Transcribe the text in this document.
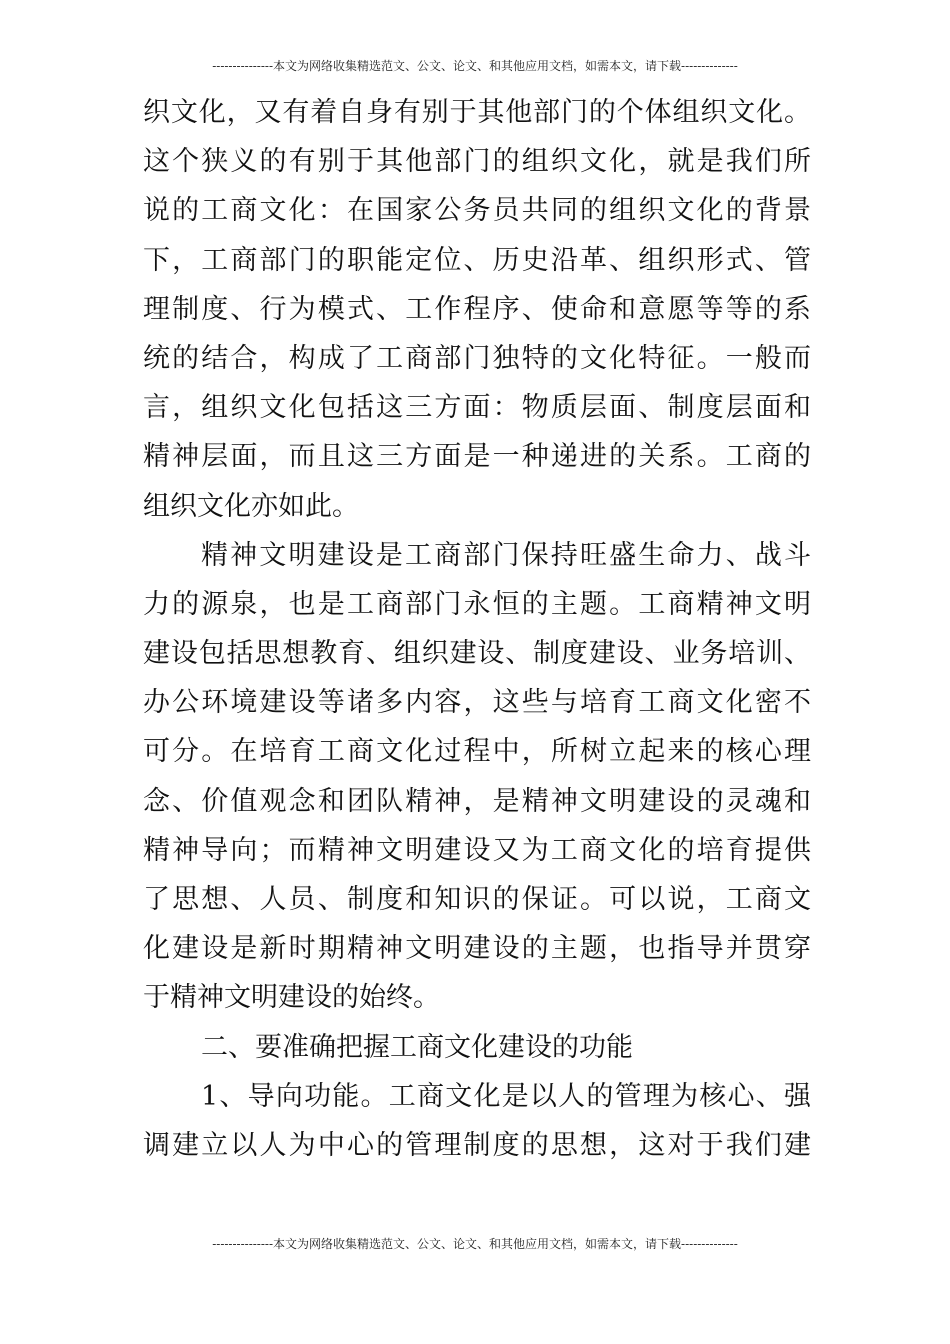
---------------本文为网络收集精选范文、公文、论文、和其他应用文档，如需本文，请下载--------------
织文化，又有着自身有别于其他部门的个体组织文化。
这个狭义的有别于其他部门的组织文化，就是我们所
说的工商文化：在国家公务员共同的组织文化的背景
下，工商部门的职能定位、历史沿革、组织形式、管
理制度、行为模式、工作程序、使命和意愿等等的系
统的结合，构成了工商部门独特的文化特征。一般而
言，组织文化包括这三方面：物质层面、制度层面和
精神层面，而且这三方面是一种递进的关系。工商的
组织文化亦如此。
精神文明建设是工商部门保持旺盛生命力、战斗
力的源泉，也是工商部门永恒的主题。工商精神文明
建设包括思想教育、组织建设、制度建设、业务培训、
办公环境建设等诸多内容，这些与培育工商文化密不
可分。在培育工商文化过程中，所树立起来的核心理
念、价值观念和团队精神，是精神文明建设的灵魂和
精神导向；而精神文明建设又为工商文化的培育提供
了思想、人员、制度和知识的保证。可以说，工商文
化建设是新时期精神文明建设的主题，也指导并贯穿
于精神文明建设的始终。
二、要准确把握工商文化建设的功能
1、导向功能。工商文化是以人的管理为核心、强
调建立以人为中心的管理制度的思想，这对于我们建
---------------本文为网络收集精选范文、公文、论文、和其他应用文档，如需本文，请下载--------------
